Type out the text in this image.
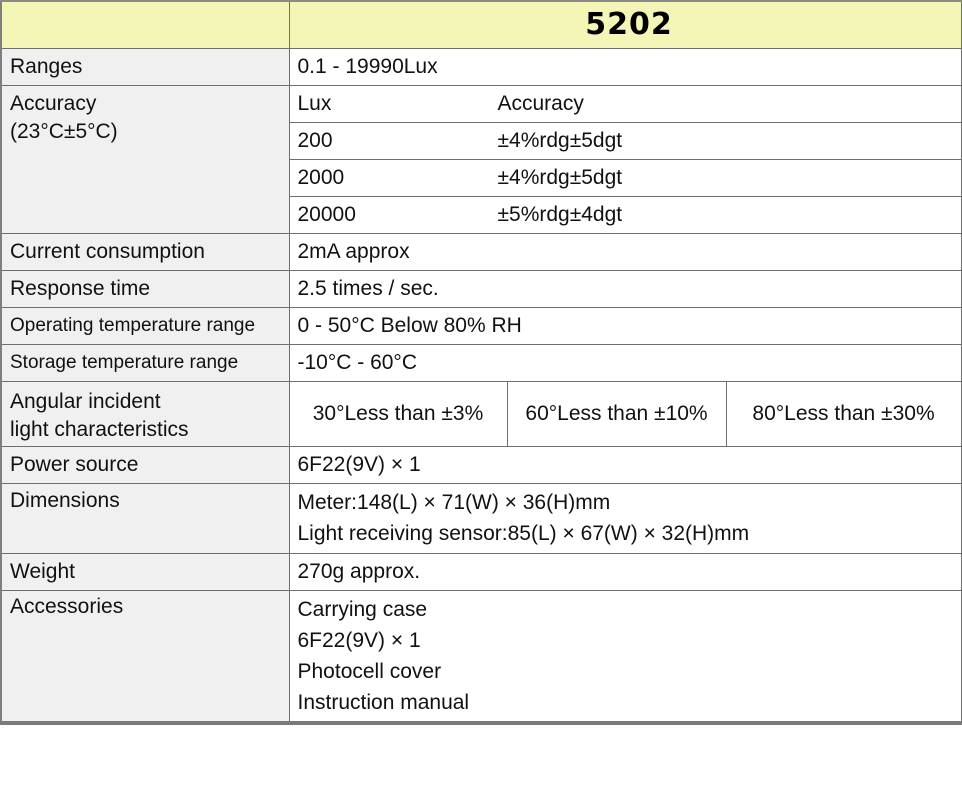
	5202		
Ranges	0.1 - 19990Lux		
Accuracy
(23°C±5°C)	Lux Accuracy		
	200 ±4%rdg±5dgt		
	2000 ±4%rdg±5dgt		
	20000 ±5%rdg±4dgt		
Current consumption	2mA approx		
Response time	2.5 times / sec.		
Operating temperature range	0 - 50°C Below 80% RH		
Storage temperature range	-10°C - 60°C		
Angular incident
light characteristics	30°Less than ±3%	60°Less than ±10%	80°Less than ±30%
Power source	6F22(9V) × 1		
Dimensions	Meter:148(L) × 71(W) × 36(H)mm
Light receiving sensor:85(L) × 67(W) × 32(H)mm		

Weight	270g approx.		
Accessories	Carrying case
6F22(9V) × 1
Photocell cover
Instruction manual		
